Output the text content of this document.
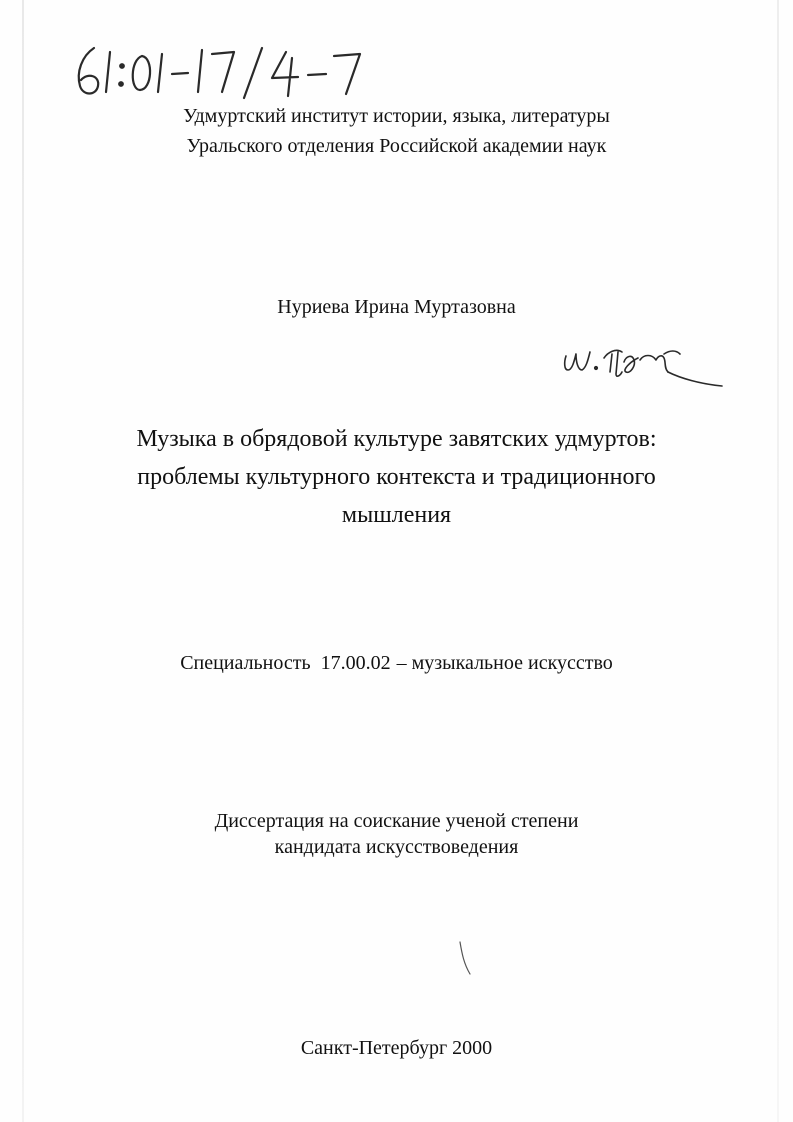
Удмуртский институт истории, языка, литературы
Уральского отделения Российской академии наук
Нуриева Ирина Муртазовна
Музыка в обрядовой культуре завятских удмуртов:
проблемы культурного контекста и традиционного
мышления
Специальность 17.00.02 – музыкальное искусство
Диссертация на соискание ученой степени
кандидата искусствоведения
Санкт-Петербург 2000
